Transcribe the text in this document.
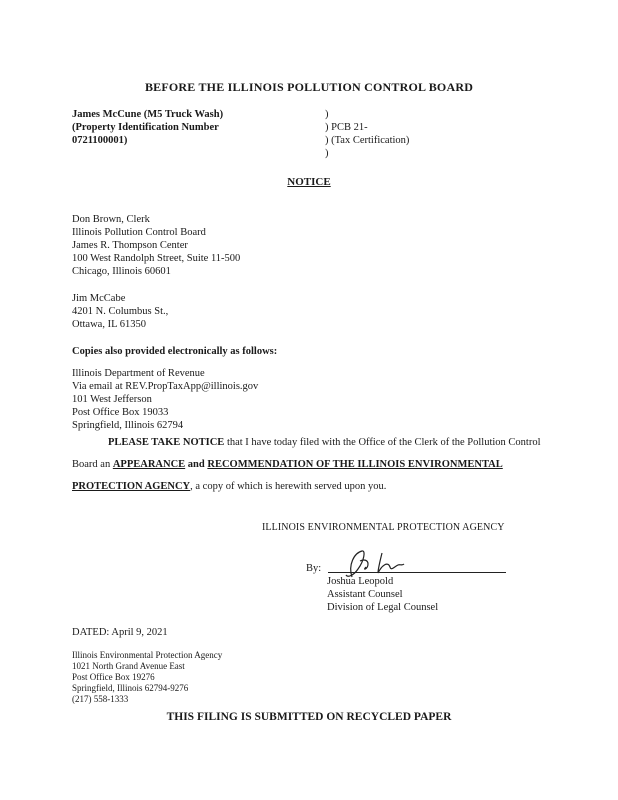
BEFORE THE ILLINOIS POLLUTION CONTROL BOARD
James McCune (M5 Truck Wash)
(Property Identification Number
0721100001)
)
) PCB 21-
) (Tax Certification)
)
NOTICE
Don Brown, Clerk
Illinois Pollution Control Board
James R. Thompson Center
100 West Randolph Street, Suite 11-500
Chicago, Illinois 60601
Jim McCabe
4201 N. Columbus St.,
Ottawa, IL 61350
Copies also provided electronically as follows:
Illinois Department of Revenue
Via email at REV.PropTaxApp@illinois.gov
101 West Jefferson
Post Office Box 19033
Springfield, Illinois 62794
PLEASE TAKE NOTICE that I have today filed with the Office of the Clerk of the Pollution Control Board an APPEARANCE and RECOMMENDATION OF THE ILLINOIS ENVIRONMENTAL PROTECTION AGENCY, a copy of which is herewith served upon you.
ILLINOIS ENVIRONMENTAL PROTECTION AGENCY
By:
Joshua Leopold
Assistant Counsel
Division of Legal Counsel
DATED: April 9, 2021
Illinois Environmental Protection Agency
1021 North Grand Avenue East
Post Office Box 19276
Springfield, Illinois 62794-9276
(217) 558-1333
THIS FILING IS SUBMITTED ON RECYCLED PAPER
